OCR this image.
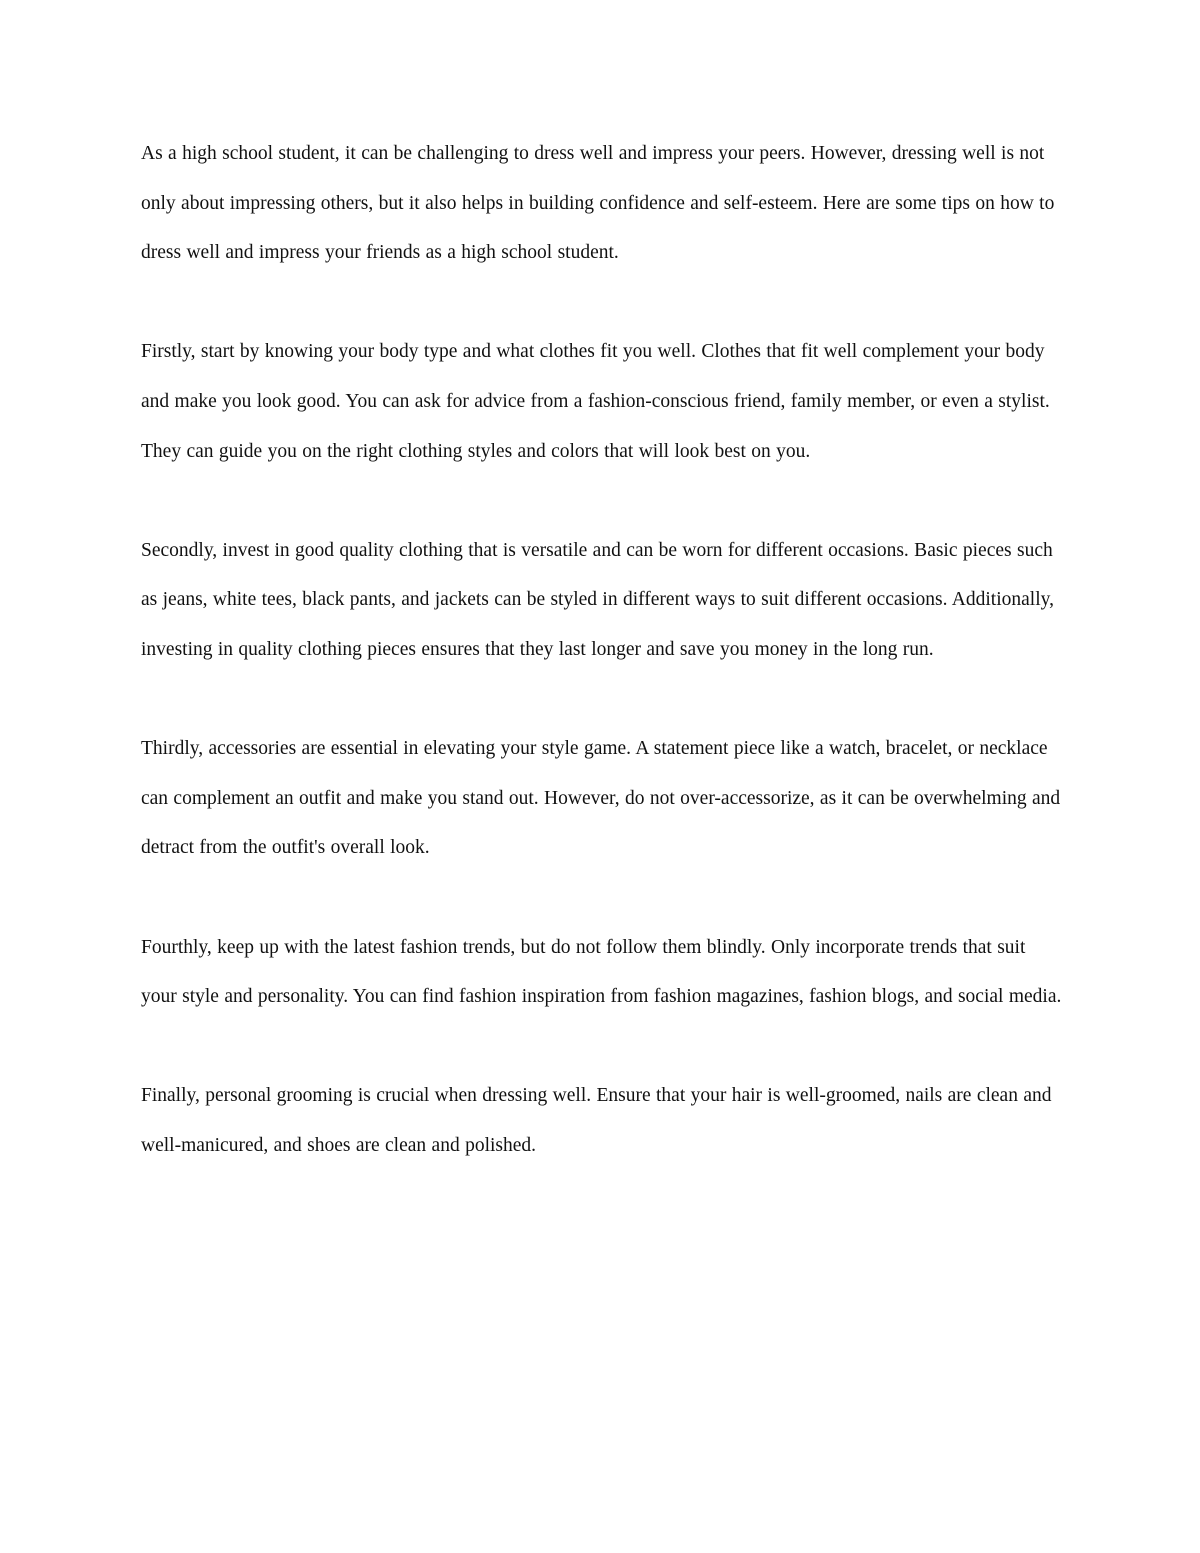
As a high school student, it can be challenging to dress well and impress your peers. However, dressing well is not only about impressing others, but it also helps in building confidence and self-esteem. Here are some tips on how to dress well and impress your friends as a high school student.

Firstly, start by knowing your body type and what clothes fit you well. Clothes that fit well complement your body and make you look good. You can ask for advice from a fashion-conscious friend, family member, or even a stylist. They can guide you on the right clothing styles and colors that will look best on you.

Secondly, invest in good quality clothing that is versatile and can be worn for different occasions. Basic pieces such as jeans, white tees, black pants, and jackets can be styled in different ways to suit different occasions. Additionally, investing in quality clothing pieces ensures that they last longer and save you money in the long run.

Thirdly, accessories are essential in elevating your style game. A statement piece like a watch, bracelet, or necklace can complement an outfit and make you stand out. However, do not over-accessorize, as it can be overwhelming and detract from the outfit's overall look.

Fourthly, keep up with the latest fashion trends, but do not follow them blindly. Only incorporate trends that suit your style and personality. You can find fashion inspiration from fashion magazines, fashion blogs, and social media.

Finally, personal grooming is crucial when dressing well. Ensure that your hair is well-groomed, nails are clean and well-manicured, and shoes are clean and polished.
